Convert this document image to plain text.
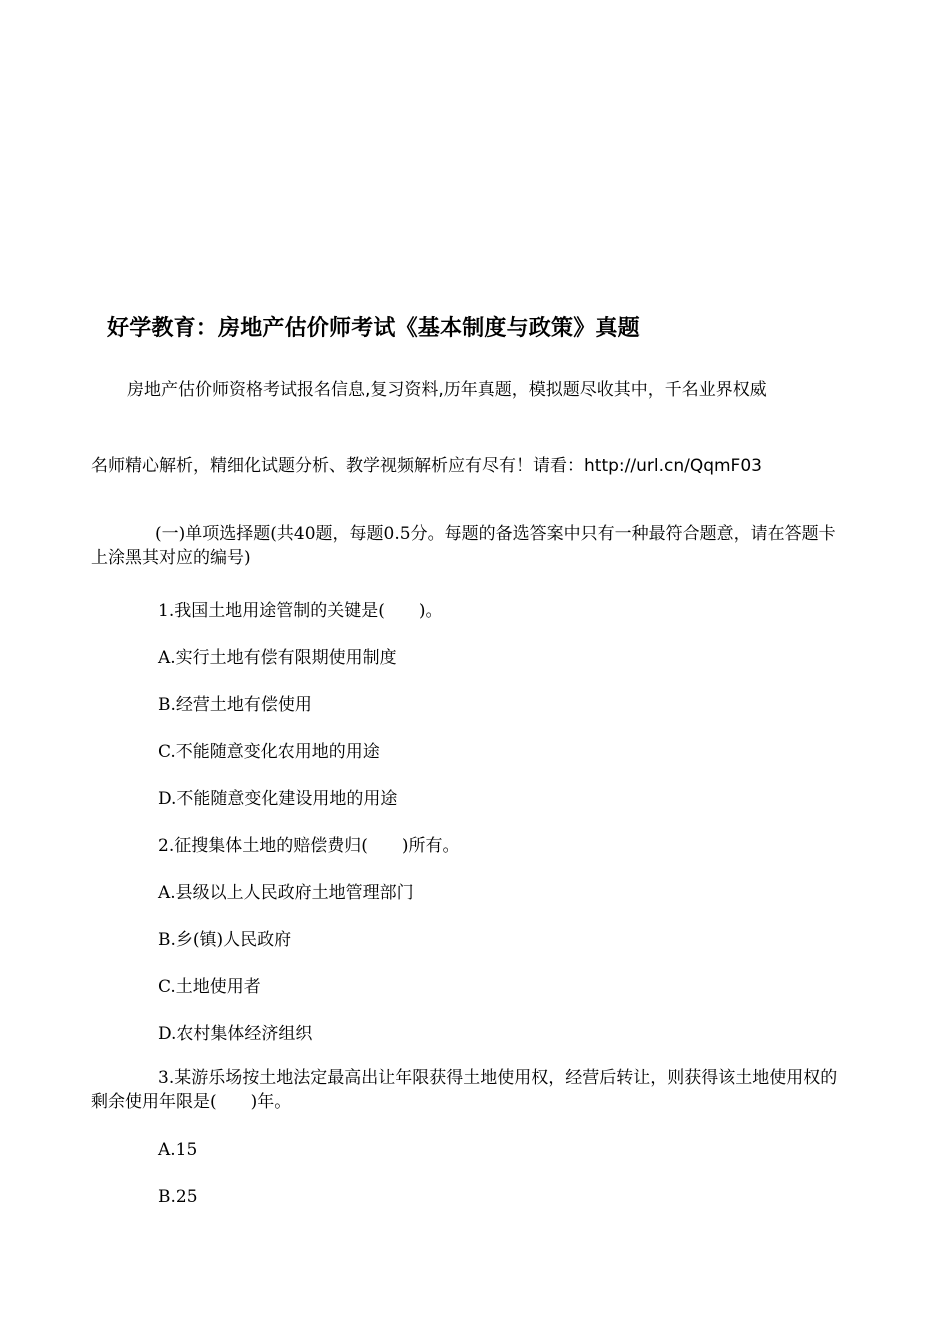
好学教育：房地产估价师考试《基本制度与政策》真题
房地产估价师资格考试报名信息,复习资料,历年真题，模拟题尽收其中，千名业界权威
名师精心解析，精细化试题分析、教学视频解析应有尽有！请看：http://url.cn/QqmF03
(一)单项选择题(共40题，每题0.5分。每题的备选答案中只有一种最符合题意，请在答题卡上涂黑其对应的编号)
1.我国土地用途管制的关键是(　　)。
A.实行土地有偿有限期使用制度
B.经营土地有偿使用
C.不能随意变化农用地的用途
D.不能随意变化建设用地的用途
2.征搜集体土地的赔偿费归(　　)所有。
A.县级以上人民政府土地管理部门
B.乡(镇)人民政府
C.土地使用者
D.农村集体经济组织
3.某游乐场按土地法定最高出让年限获得土地使用权，经营后转让，则获得该土地使用权的剩余使用年限是(　　)年。
A.15
B.25
